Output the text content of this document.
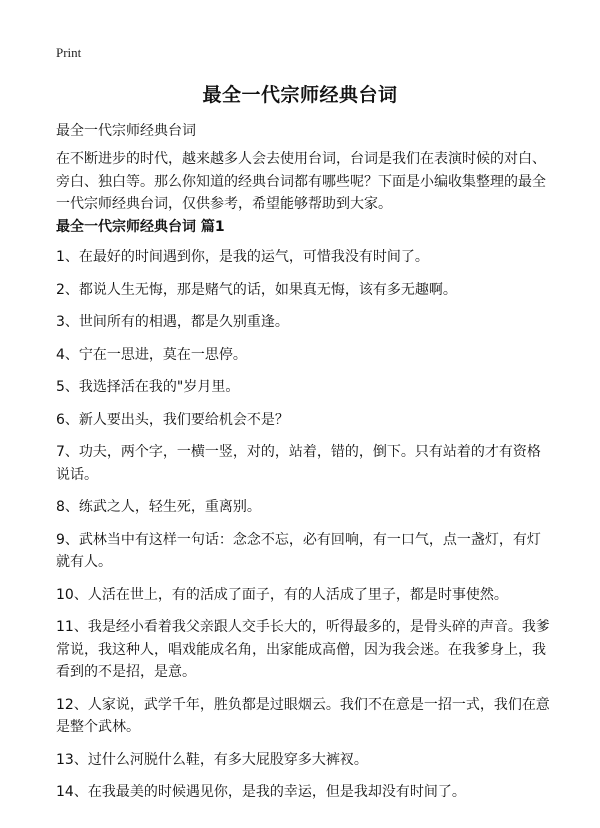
Print
最全一代宗师经典台词

最全一代宗师经典台词

在不断进步的时代，越来越多人会去使用台词，台词是我们在表演时候的对白、旁白、独白等。那么你知道的经典台词都有哪些呢？下面是小编收集整理的最全一代宗师经典台词，仅供参考，希望能够帮助到大家。

最全一代宗师经典台词 篇1
1、在最好的时间遇到你，是我的运气，可惜我没有时间了。
2、都说人生无悔，那是赌气的话，如果真无悔，该有多无趣啊。
3、世间所有的相遇，都是久别重逢。
4、宁在一思进，莫在一思停。
5、我选择活在我的"岁月里。
6、新人要出头，我们要给机会不是？
7、功夫，两个字，一横一竖，对的，站着，错的，倒下。只有站着的才有资格说话。
8、练武之人，轻生死，重离别。
9、武林当中有这样一句话：念念不忘，必有回响，有一口气，点一盏灯，有灯就有人。
10、人活在世上，有的活成了面子，有的人活成了里子，都是时事使然。
11、我是经小看着我父亲跟人交手长大的，听得最多的，是骨头碎的声音。我爹常说，我这种人，唱戏能成名角，出家能成高僧，因为我会迷。在我爹身上，我看到的不是招，是意。
12、人家说，武学千年，胜负都是过眼烟云。我们不在意是一招一式，我们在意是整个武林。
13、过什么河脱什么鞋，有多大屁股穿多大裤衩。
14、在我最美的时候遇见你，是我的幸运，但是我却没有时间了。
